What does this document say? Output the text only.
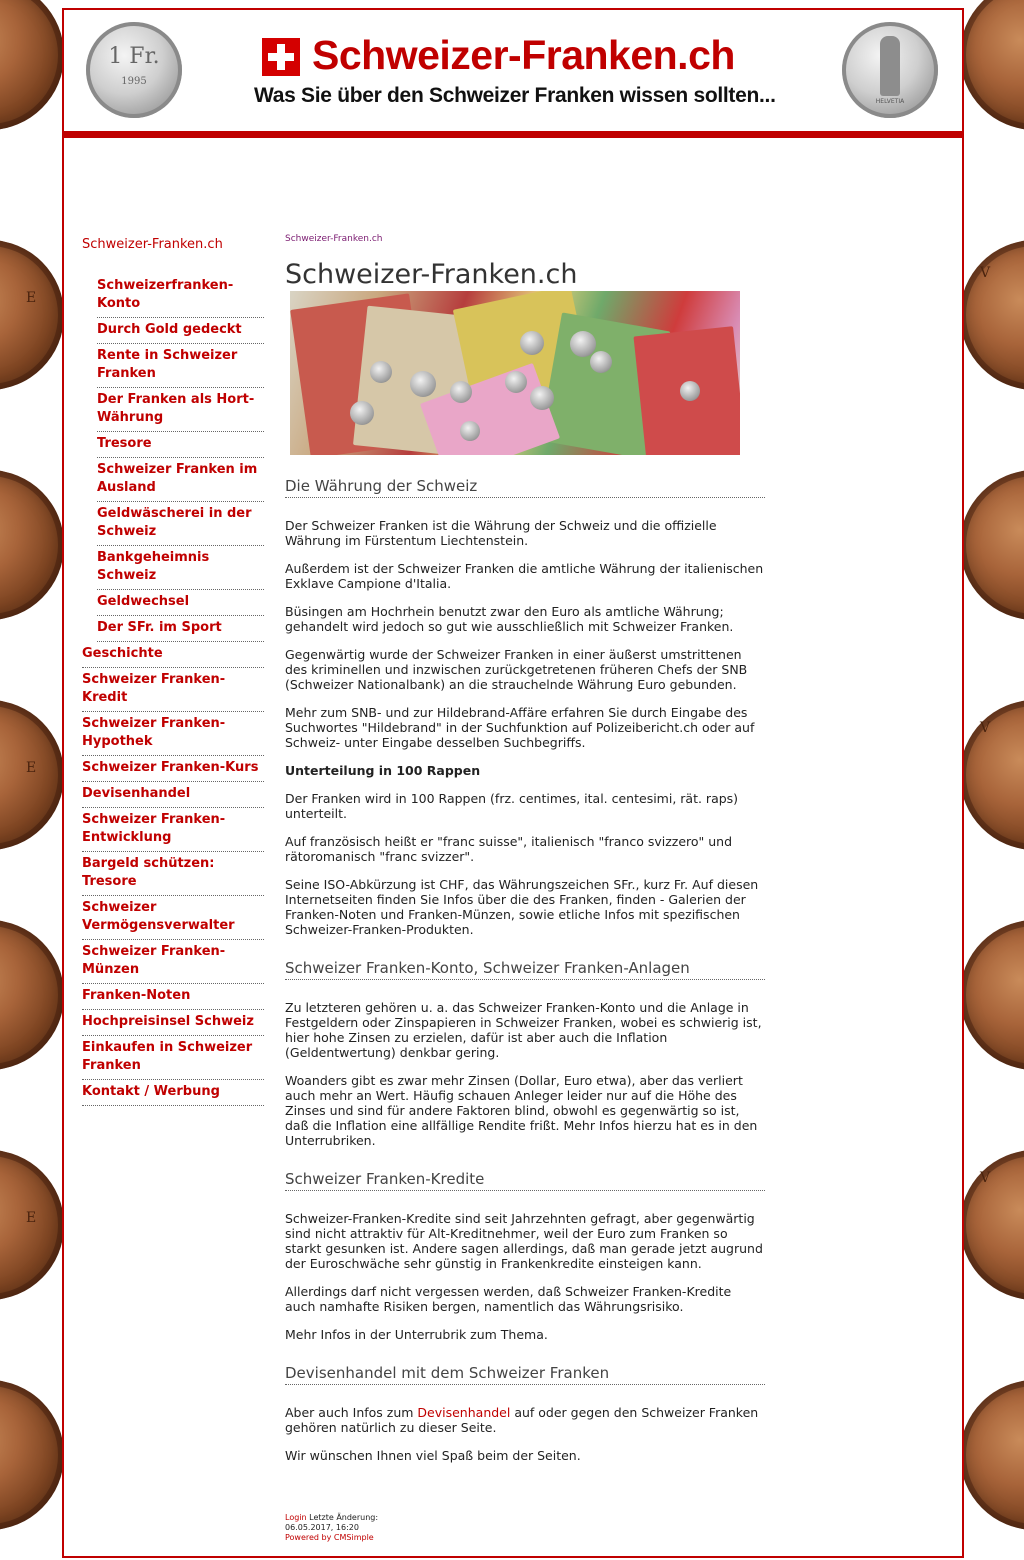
E
E
E
V
V
V
1 Fr.
1995
Schweizer-Franken.ch
Was Sie über den Schweizer Franken wissen sollten...	HELVETIA
Schweizer-Franken.ch
Schweizerfranken-Konto
Durch Gold gedeckt
Rente in Schweizer Franken
Der Franken als Hort-Währung
Tresore
Schweizer Franken im Ausland
Geldwäscherei in der Schweiz
Bankgeheimnis Schweiz
Geldwechsel
Der SFr. im Sport
Geschichte
Schweizer Franken-Kredit
Schweizer Franken-Hypothek
Schweizer Franken-Kurs
Devisenhandel
Schweizer Franken-Entwicklung
Bargeld schützen: Tresore
Schweizer Vermögensverwalter
Schweizer Franken-Münzen
Franken-Noten
Hochpreisinsel Schweiz
Einkaufen in Schweizer Franken
Kontakt / Werbung
Schweizer-Franken.ch
Schweizer-Franken.ch
Die Währung der Schweiz

Der Schweizer Franken ist die Währung der Schweiz und die offizielle Währung im Fürstentum Liechtenstein.

Außerdem ist der Schweizer Franken die amtliche Währung der italienischen Exklave Campione d'Italia.

Büsingen am Hochrhein benutzt zwar den Euro als amtliche Währung; gehandelt wird jedoch so gut wie ausschließlich mit Schweizer Franken.

Gegenwärtig wurde der Schweizer Franken in einer äußerst umstrittenen des kriminellen und inzwischen zurückgetretenen früheren Chefs der SNB (Schweizer Nationalbank) an die strauchelnde Währung Euro gebunden.

Mehr zum SNB- und zur Hildebrand-Affäre erfahren Sie durch Eingabe des Suchwortes "Hildebrand" in der Suchfunktion auf Polizeibericht.ch oder auf Schweiz- unter Eingabe desselben Suchbegriffs.

Unterteilung in 100 Rappen

Der Franken wird in 100 Rappen (frz. centimes, ital. centesimi, rät. raps) unterteilt.

Auf französisch heißt er "franc suisse", italienisch "franco svizzero" und rätoromanisch "franc svizzer".

Seine ISO-Abkürzung ist CHF, das Währungszeichen SFr., kurz Fr. Auf diesen Internetseiten finden Sie Infos über die des Franken, finden - Galerien der Franken-Noten und Franken-Münzen, sowie etliche Infos mit spezifischen Schweizer-Franken-Produkten.

Schweizer Franken-Konto, Schweizer Franken-Anlagen

Zu letzteren gehören u. a. das Schweizer Franken-Konto und die Anlage in Festgeldern oder Zinspapieren in Schweizer Franken, wobei es schwierig ist, hier hohe Zinsen zu erzielen, dafür ist aber auch die Inflation (Geldentwertung) denkbar gering.

Woanders gibt es zwar mehr Zinsen (Dollar, Euro etwa), aber das verliert auch mehr an Wert. Häufig schauen Anleger leider nur auf die Höhe des Zinses und sind für andere Faktoren blind, obwohl es gegenwärtig so ist, daß die Inflation eine allfällige Rendite frißt. Mehr Infos hierzu hat es in den Unterrubriken.

Schweizer Franken-Kredite

Schweizer-Franken-Kredite sind seit Jahrzehnten gefragt, aber gegenwärtig sind nicht attraktiv für Alt-Kreditnehmer, weil der Euro zum Franken so starkt gesunken ist. Andere sagen allerdings, daß man gerade jetzt augrund der Euroschwäche sehr günstig in Frankenkredite einsteigen kann.

Allerdings darf nicht vergessen werden, daß Schweizer Franken-Kredite auch namhafte Risiken bergen, namentlich das Währungsrisiko.

Mehr Infos in der Unterrubrik zum Thema.

Devisenhandel mit dem Schweizer Franken

Aber auch Infos zum Devisenhandel auf oder gegen den Schweizer Franken gehören natürlich zu dieser Seite.

Wir wünschen Ihnen viel Spaß beim der Seiten.

Login Letzte Änderung:
06.05.2017, 16:20
Powered by CMSimple
